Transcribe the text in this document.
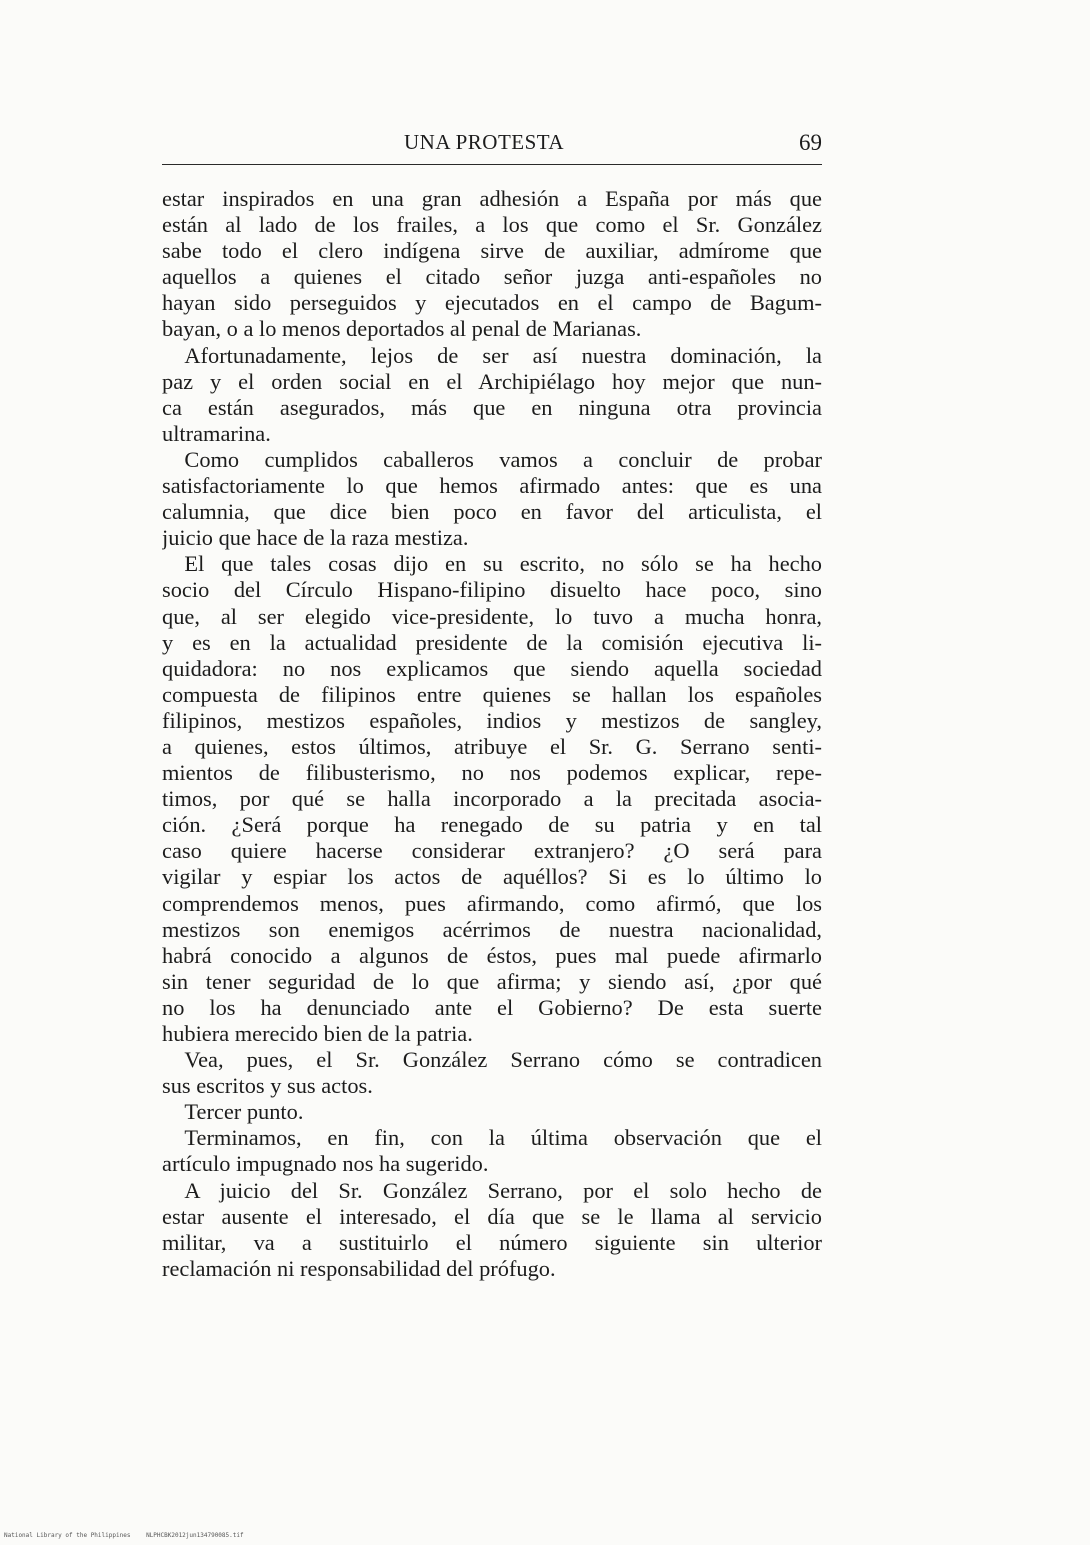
UNA PROTESTA	69
estar inspirados en una gran adhesión a España por más que
están al lado de los frailes, a los que como el Sr. González
sabe todo el clero indígena sirve de auxiliar, admírome que
aquellos a quienes el citado señor juzga anti-españoles no
hayan sido perseguidos y ejecutados en el campo de Bagum-
bayan, o a lo menos deportados al penal de Marianas.
 Afortunadamente, lejos de ser así nuestra dominación, la
paz y el orden social en el Archipiélago hoy mejor que nun-
ca están asegurados, más que en ninguna otra provincia
ultramarina.
 Como cumplidos caballeros vamos a concluir de probar
satisfactoriamente lo que hemos afirmado antes: que es una
calumnia, que dice bien poco en favor del articulista, el
juicio que hace de la raza mestiza.
 El que tales cosas dijo en su escrito, no sólo se ha hecho
socio del Círculo Hispano-filipino disuelto hace poco, sino
que, al ser elegido vice-presidente, lo tuvo a mucha honra,
y es en la actualidad presidente de la comisión ejecutiva li-
quidadora: no nos explicamos que siendo aquella sociedad
compuesta de filipinos entre quienes se hallan los españoles
filipinos, mestizos españoles, indios y mestizos de sangley,
a quienes, estos últimos, atribuye el Sr. G. Serrano senti-
mientos de filibusterismo, no nos podemos explicar, repe-
timos, por qué se halla incorporado a la precitada asocia-
ción. ¿Será porque ha renegado de su patria y en tal
caso quiere hacerse considerar extranjero? ¿O será para
vigilar y espiar los actos de aquéllos? Si es lo último lo
comprendemos menos, pues afirmando, como afirmó, que los
mestizos son enemigos acérrimos de nuestra nacionalidad,
habrá conocido a algunos de éstos, pues mal puede afirmarlo
sin tener seguridad de lo que afirma; y siendo así, ¿por qué
no los ha denunciado ante el Gobierno? De esta suerte
hubiera merecido bien de la patria.
 Vea, pues, el Sr. González Serrano cómo se contradicen
sus escritos y sus actos.
 Tercer punto.
 Terminamos, en fin, con la última observación que el
artículo impugnado nos ha sugerido.
 A juicio del Sr. González Serrano, por el solo hecho de
estar ausente el interesado, el día que se le llama al servicio
militar, va a sustituirlo el número siguiente sin ulterior
reclamación ni responsabilidad del prófugo.
National Library of the Philippines	NLPHCBK2012jun134790085.tif
